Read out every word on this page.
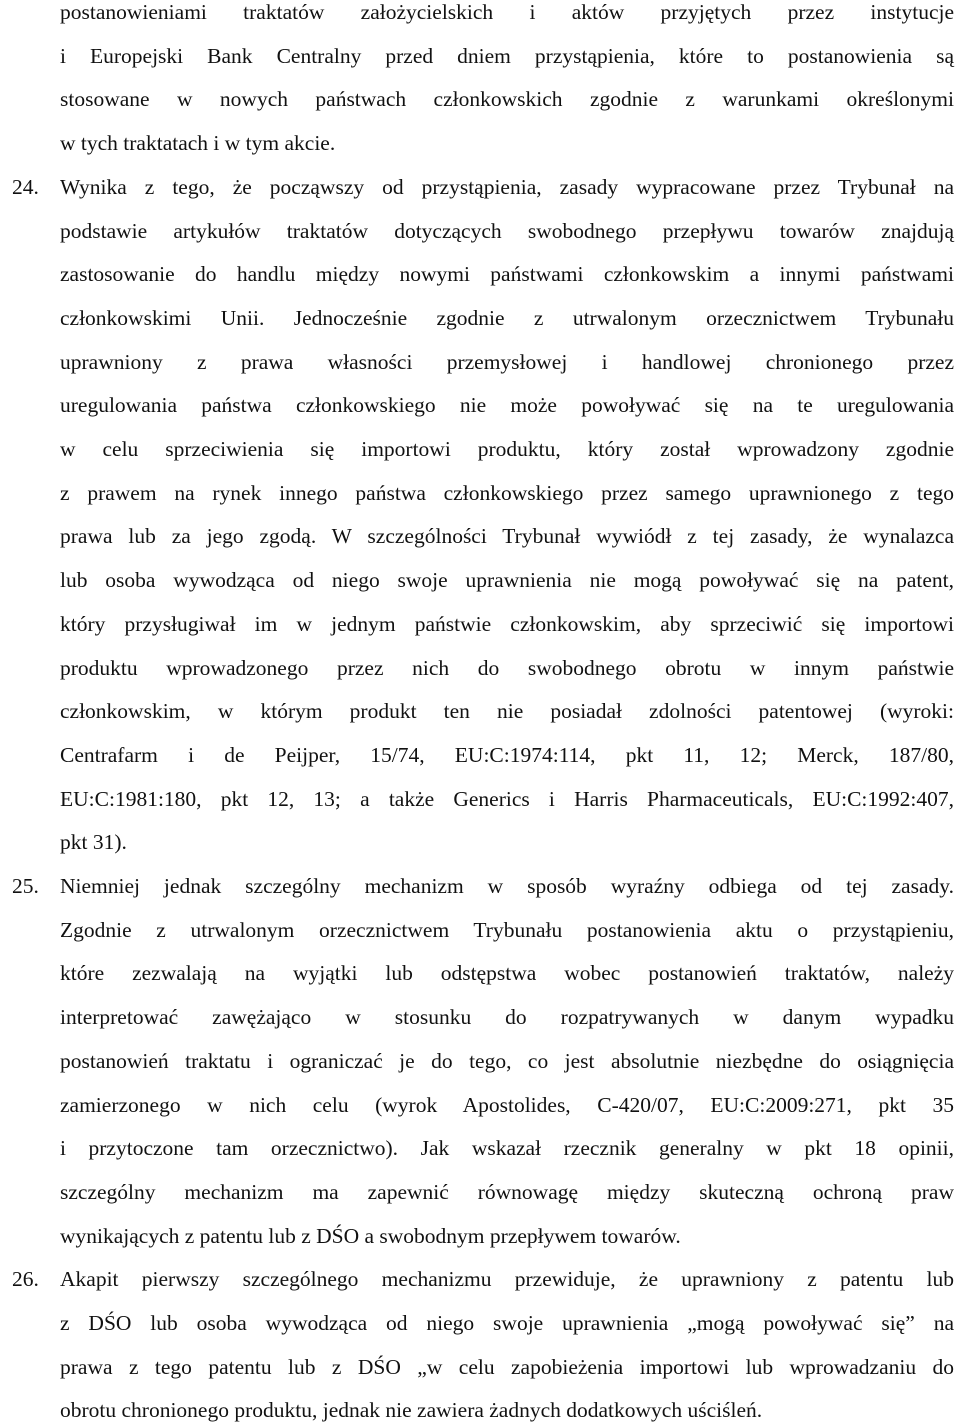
postanowieniami traktatów założycielskich i aktów przyjętych przez instytucje
i Europejski Bank Centralny przed dniem przystąpienia, które to postanowienia są
stosowane w nowych państwach członkowskich zgodnie z warunkami określonymi
w tych traktatach i w tym akcie.
24. Wynika z tego, że począwszy od przystąpienia, zasady wypracowane przez Trybunał na
podstawie artykułów traktatów dotyczących swobodnego przepływu towarów znajdują
zastosowanie do handlu między nowymi państwami członkowskim a innymi państwami
członkowskimi Unii. Jednocześnie zgodnie z utrwalonym orzecznictwem Trybunału
uprawniony z prawa własności przemysłowej i handlowej chronionego przez
uregulowania państwa członkowskiego nie może powoływać się na te uregulowania
w celu sprzeciwienia się importowi produktu, który został wprowadzony zgodnie
z prawem na rynek innego państwa członkowskiego przez samego uprawnionego z tego
prawa lub za jego zgodą. W szczególności Trybunał wywiódł z tej zasady, że wynalazca
lub osoba wywodząca od niego swoje uprawnienia nie mogą powoływać się na patent,
który przysługiwał im w jednym państwie członkowskim, aby sprzeciwić się importowi
produktu wprowadzonego przez nich do swobodnego obrotu w innym państwie
członkowskim, w którym produkt ten nie posiadał zdolności patentowej (wyroki:
Centrafarm i de Peijper, 15/74, EU:C:1974:114, pkt 11, 12; Merck, 187/80,
EU:C:1981:180, pkt 12, 13; a także Generics i Harris Pharmaceuticals, EU:C:1992:407,
pkt 31).
25. Niemniej jednak szczególny mechanizm w sposób wyraźny odbiega od tej zasady.
Zgodnie z utrwalonym orzecznictwem Trybunału postanowienia aktu o przystąpieniu,
które zezwalają na wyjątki lub odstępstwa wobec postanowień traktatów, należy
interpretować zawężająco w stosunku do rozpatrywanych w danym wypadku
postanowień traktatu i ograniczać je do tego, co jest absolutnie niezbędne do osiągnięcia
zamierzonego w nich celu (wyrok Apostolides, C-420/07, EU:C:2009:271, pkt 35
i przytoczone tam orzecznictwo). Jak wskazał rzecznik generalny w pkt 18 opinii,
szczególny mechanizm ma zapewnić równowagę między skuteczną ochroną praw
wynikających z patentu lub z DŚO a swobodnym przepływem towarów.
26. Akapit pierwszy szczególnego mechanizmu przewiduje, że uprawniony z patentu lub
z DŚO lub osoba wywodząca od niego swoje uprawnienia „mogą powoływać się” na
prawa z tego patentu lub z DŚO „w celu zapobieżenia importowi lub wprowadzaniu do
obrotu chronionego produktu, jednak nie zawiera żadnych dodatkowych uściśleń.
